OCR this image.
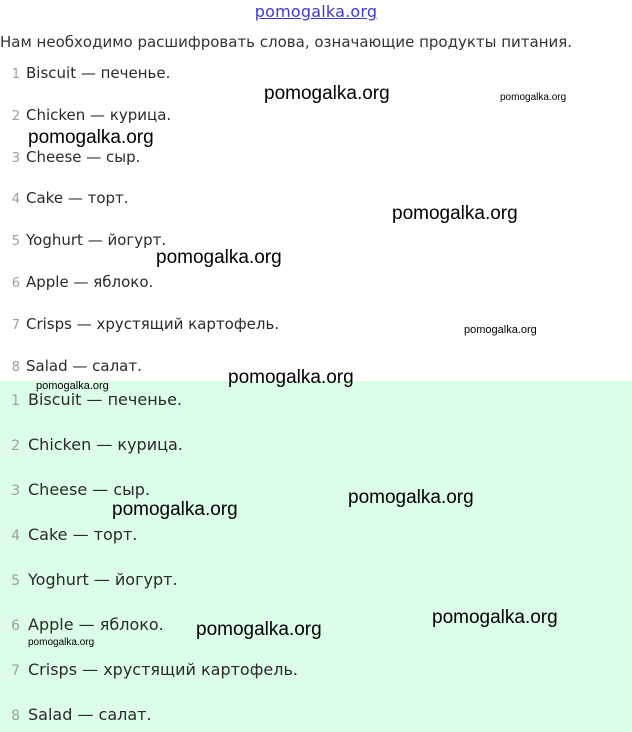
pomogalka.org
Нам необходимо расшифровать слова, означающие продукты питания.
1 Biscuit — печенье.
2 Chicken — курица.
3 Cheese — сыр.
4 Cake — торт.
5 Yoghurt — йогурт.
6 Apple — яблоко.
7 Crisps — хрустящий картофель.
8 Salad — салат.
1 Biscuit — печенье.
2 Chicken — курица.
3 Cheese — сыр.
4 Cake — торт.
5 Yoghurt — йогурт.
6 Apple — яблоко.
7 Crisps — хрустящий картофель.
8 Salad — салат.
pomogalka.org	pomogalka.org
pomogalka.org
pomogalka.org
pomogalka.org
pomogalka.org
pomogalka.org
pomogalka.org
pomogalka.org
pomogalka.org
pomogalka.org
pomogalka.org
pomogalka.org
